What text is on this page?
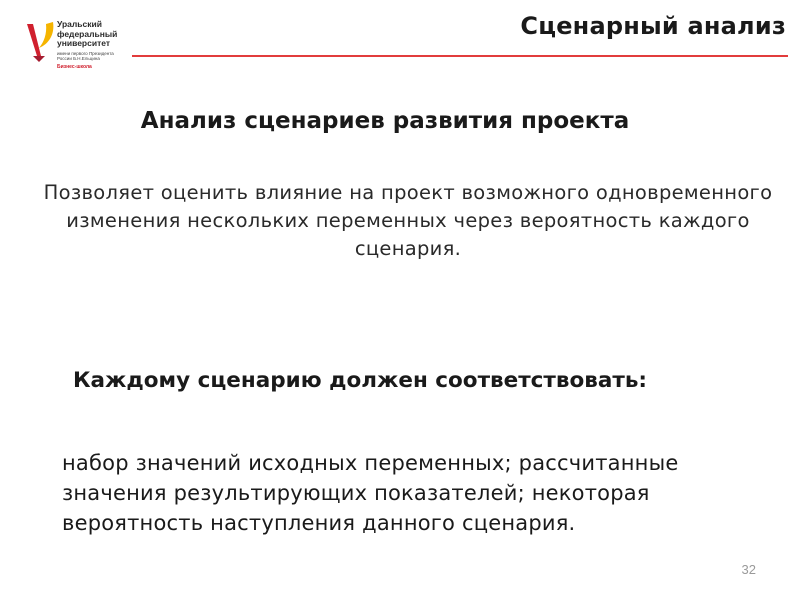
Уральский
федеральный
университет
имени первого Президента
России Б.Н.Ельцина
Бизнес-школа
Сценарный анализ
Анализ сценариев развития проекта
Позволяет оценить влияние на проект возможного одновременного изменения нескольких переменных через вероятность каждого сценария.
Каждому сценарию должен соответствовать:
набор значений исходных переменных; рассчитанные значения результирующих показателей; некоторая вероятность наступления данного сценария.
32
